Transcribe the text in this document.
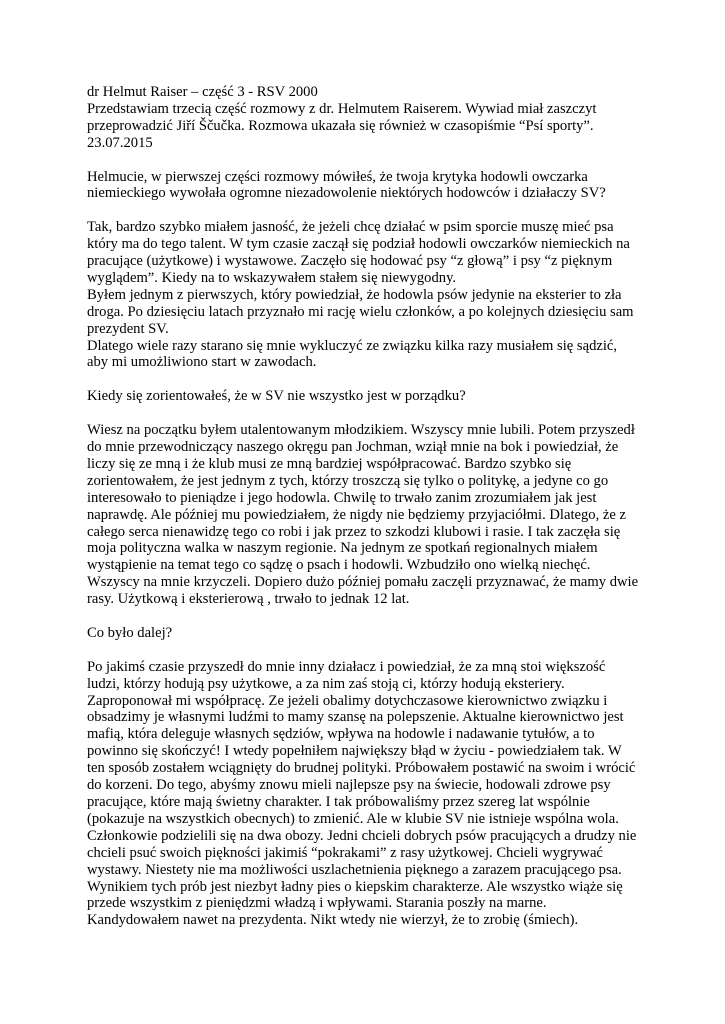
dr Helmut Raiser – część 3 - RSV 2000
Przedstawiam trzecią część rozmowy z dr. Helmutem Raiserem. Wywiad miał zaszczyt
przeprowadzić Jiří Ščučka. Rozmowa ukazała się również w czasopiśmie “Psí sporty”.
23.07.2015
Helmucie, w pierwszej części rozmowy mówiłeś, że twoja krytyka hodowli owczarka
niemieckiego wywołała ogromne niezadowolenie niektórych hodowców i działaczy SV?
Tak, bardzo szybko miałem jasność, że jeżeli chcę działać w psim sporcie muszę mieć psa
który ma do tego talent. W tym czasie zaczął się podział hodowli owczarków niemieckich na
pracujące (użytkowe) i wystawowe. Zaczęło się hodować psy “z głową” i psy “z pięknym
wyglądem”. Kiedy na to wskazywałem stałem się niewygodny.
Byłem jednym z pierwszych, który powiedział, że hodowla psów jedynie na eksterier to zła
droga. Po dziesięciu latach przyznało mi rację wielu członków, a po kolejnych dziesięciu sam
prezydent SV.
Dlatego wiele razy starano się mnie wykluczyć ze związku kilka razy musiałem się sądzić,
aby mi umożliwiono start w zawodach.
Kiedy się zorientowałeś, że w SV nie wszystko jest w porządku?
Wiesz na początku byłem utalentowanym młodzikiem. Wszyscy mnie lubili. Potem przyszedł
do mnie przewodniczący naszego okręgu pan Jochman, wziął mnie na bok i powiedział, że
liczy się ze mną i że klub musi ze mną bardziej współpracować. Bardzo szybko się
zorientowałem, że jest jednym z tych, którzy troszczą się tylko o politykę, a jedyne co go
interesowało to pieniądze i jego hodowla. Chwilę to trwało zanim zrozumiałem jak jest
naprawdę. Ale później mu powiedziałem, że nigdy nie będziemy przyjaciółmi. Dlatego, że z
całego serca nienawidzę tego co robi i jak przez to szkodzi klubowi i rasie. I tak zaczęła się
moja polityczna walka w naszym regionie. Na jednym ze spotkań regionalnych miałem
wystąpienie na temat tego co sądzę o psach i hodowli. Wzbudziło ono wielką niechęć.
Wszyscy na mnie krzyczeli. Dopiero dużo później pomału zaczęli przyznawać, że mamy dwie
rasy. Użytkową i eksterierową , trwało to jednak 12 lat.
Co było dalej?
Po jakimś czasie przyszedł do mnie inny działacz i powiedział, że za mną stoi większość
ludzi, którzy hodują psy użytkowe, a za nim zaś stoją ci, którzy hodują eksteriery.
Zaproponował mi współpracę. Ze jeżeli obalimy dotychczasowe kierownictwo związku i
obsadzimy je własnymi ludźmi to mamy szansę na polepszenie. Aktualne kierownictwo jest
mafią, która deleguje własnych sędziów, wpływa na hodowle i nadawanie tytułów, a to
powinno się skończyć! I wtedy popełniłem największy błąd w życiu - powiedziałem tak. W
ten sposób zostałem wciągnięty do brudnej polityki. Próbowałem postawić na swoim i wrócić
do korzeni. Do tego, abyśmy znowu mieli najlepsze psy na świecie, hodowali zdrowe psy
pracujące, które mają świetny charakter. I tak próbowaliśmy przez szereg lat wspólnie
(pokazuje na wszystkich obecnych) to zmienić. Ale w klubie SV nie istnieje wspólna wola.
Członkowie podzielili się na dwa obozy. Jedni chcieli dobrych psów pracujących a drudzy nie
chcieli psuć swoich piękności jakimiś “pokrakami” z rasy użytkowej. Chcieli wygrywać
wystawy. Niestety nie ma możliwości uszlachetnienia pięknego a zarazem pracującego psa.
Wynikiem tych prób jest niezbyt ładny pies o kiepskim charakterze. Ale wszystko wiąże się
przede wszystkim z pieniędzmi władzą i wpływami. Starania poszły na marne.
Kandydowałem nawet na prezydenta. Nikt wtedy nie wierzył, że to zrobię (śmiech).
